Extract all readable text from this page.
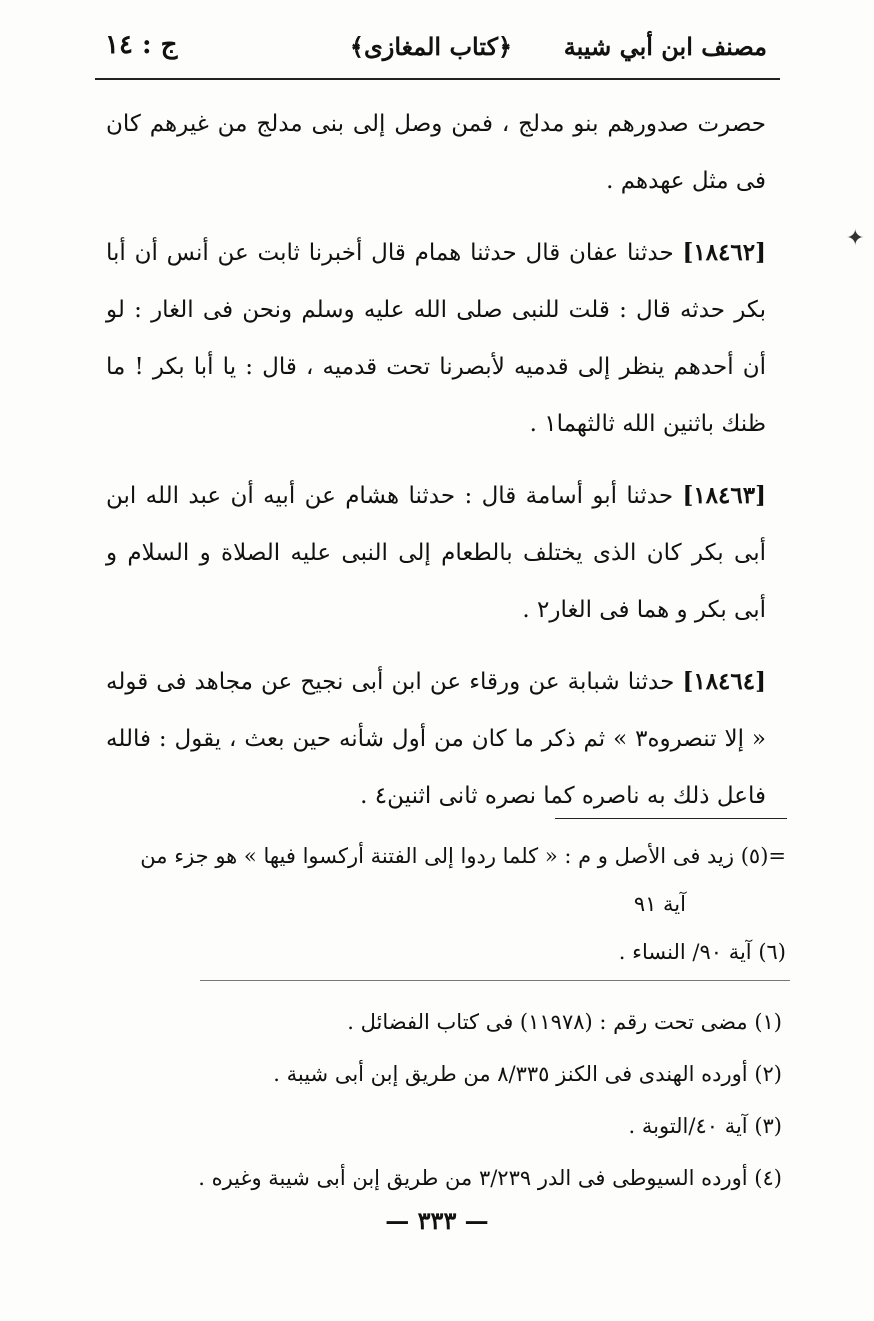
مصنف ابن أبي شيبة
﴿كتاب المغازى﴾
ج : ١٤
✦

حصرت صدورهم بنو مدلج ، فمن وصل إلى بنى مدلج من غيرهم كان فى مثل عهدهم .

[١٨٤٦٢] حدثنا عفان قال حدثنا همام قال أخبرنا ثابت عن أنس أن أبا بكر حدثه قال : قلت للنبى صلى الله عليه وسلم ونحن فى الغار : لو أن أحدهم ينظر إلى قدميه لأبصرنا تحت قدميه ، قال : يا أبا بكر ! ما ظنك باثنين الله ثالثهما١ .

[١٨٤٦٣] حدثنا أبو أسامة قال : حدثنا هشام عن أبيه أن عبد الله ابن أبى بكر كان الذى يختلف بالطعام إلى النبى عليه الصلاة و السلام و أبى بكر و هما فى الغار٢ .

[١٨٤٦٤] حدثنا شبابة عن ورقاء عن ابن أبى نجيح عن مجاهد فى قوله « إلا تنصروه٣ » ثم ذكر ما كان من أول شأنه حين بعث ، يقول : فالله فاعل ذلك به ناصره كما نصره ثانى اثنين٤ .

=(٥) زيد فى الأصل و م : « كلما ردوا إلى الفتنة أركسوا فيها » هو جزء من

آية ٩١

(٦) آية ٩٠/ النساء .

(١) مضى تحت رقم : (١١٩٧٨) فى كتاب الفضائل .

(٢) أورده الهندى فى الكنز ٨/٣٣٥ من طريق إبن أبى شيبة .

(٣) آية ٤٠/التوبة .

(٤) أورده السيوطى فى الدر ٣/٢٣٩ من طريق إبن أبى شيبة وغيره .

— ٣٣٣ —
